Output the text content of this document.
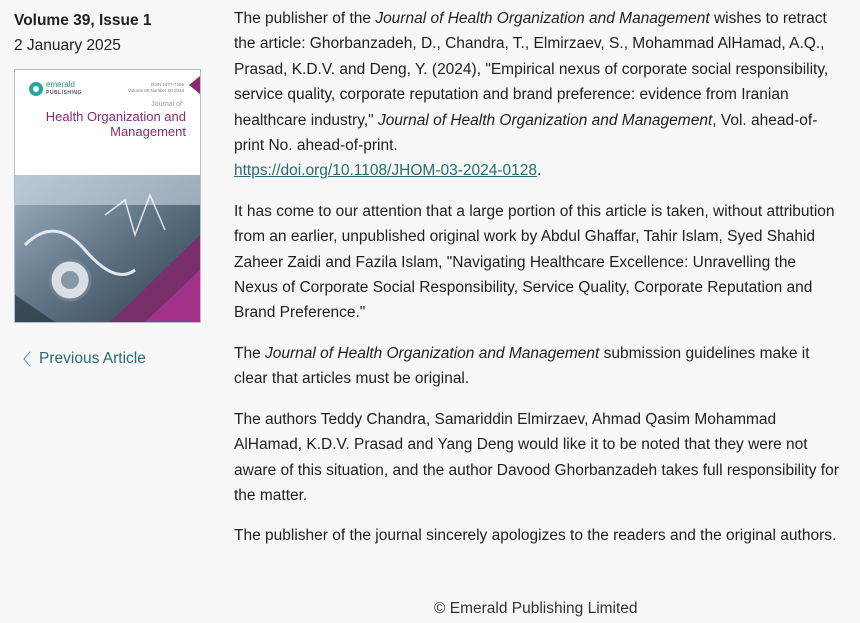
Volume 39, Issue 1
2 January 2025
emerald
PUBLISHING
ISSN 1477-7266
Volume 00 Number 00 2024
Journal of
Health Organization and Management
〈 Previous Article

The publisher of the Journal of Health Organization and Management wishes to retract the article: Ghorbanzadeh, D., Chandra, T., Elmirzaev, S., Mohammad AlHamad, A.Q., Prasad, K.D.V. and Deng, Y. (2024), "Empirical nexus of corporate social responsibility, service quality, corporate reputation and brand preference: evidence from Iranian healthcare industry," Journal of Health Organization and Management, Vol. ahead-of-print No. ahead-of-print.
https://doi.org/10.1108/JHOM-03-2024-0128.

It has come to our attention that a large portion of this article is taken, without attribution from an earlier, unpublished original work by Abdul Ghaffar, Tahir Islam, Syed Shahid Zaheer Zaidi and Fazila Islam, "Navigating Healthcare Excellence: Unravelling the Nexus of Corporate Social Responsibility, Service Quality, Corporate Reputation and Brand Preference."

The Journal of Health Organization and Management submission guidelines make it clear that articles must be original.

The authors Teddy Chandra, Samariddin Elmirzaev, Ahmad Qasim Mohammad AlHamad, K.D.V. Prasad and Yang Deng would like it to be noted that they were not aware of this situation, and the author Davood Ghorbanzadeh takes full responsibility for the matter.

The publisher of the journal sincerely apologizes to the readers and the original authors.

© Emerald Publishing Limited
